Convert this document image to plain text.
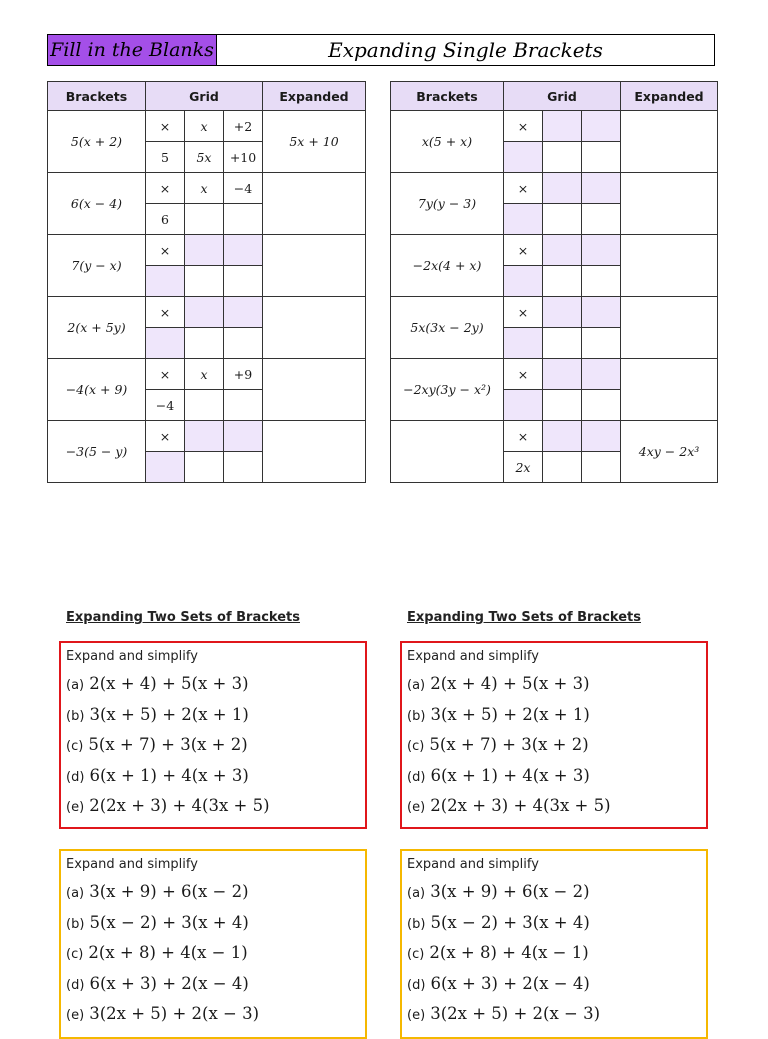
Fill in the Blanks	Expanding Single Brackets
Brackets	Grid			Expanded
5(x + 2)	×	x	+2	5x + 10
	5	5x	+10	
6(x − 4)	×	x	−4	
	6			
7(y − x)	×			

2(x + 5y)	×			

−4(x + 9)	×	x	+9	
	−4			
−3(5 − y)	×			

Brackets	Grid			Expanded
x(5 + x)	×			

7y(y − 3)	×			

−2x(4 + x)	×			

5x(3x − 2y)	×			

−2xy(3y − x²)	×			

	×			4xy − 2x³
	2x			
Expanding Two Sets of Brackets	Expanding Two Sets of Brackets
Expand and simplify
(a) 2(x + 4) + 5(x + 3)
(b) 3(x + 5) + 2(x + 1)
(c) 5(x + 7) + 3(x + 2)
(d) 6(x + 1) + 4(x + 3)
(e) 2(2x + 3) + 4(3x + 5)
Expand and simplify
(a) 2(x + 4) + 5(x + 3)
(b) 3(x + 5) + 2(x + 1)
(c) 5(x + 7) + 3(x + 2)
(d) 6(x + 1) + 4(x + 3)
(e) 2(2x + 3) + 4(3x + 5)
Expand and simplify
(a) 3(x + 9) + 6(x − 2)
(b) 5(x − 2) + 3(x + 4)
(c) 2(x + 8) + 4(x − 1)
(d) 6(x + 3) + 2(x − 4)
(e) 3(2x + 5) + 2(x − 3)
Expand and simplify
(a) 3(x + 9) + 6(x − 2)
(b) 5(x − 2) + 3(x + 4)
(c) 2(x + 8) + 4(x − 1)
(d) 6(x + 3) + 2(x − 4)
(e) 3(2x + 5) + 2(x − 3)
